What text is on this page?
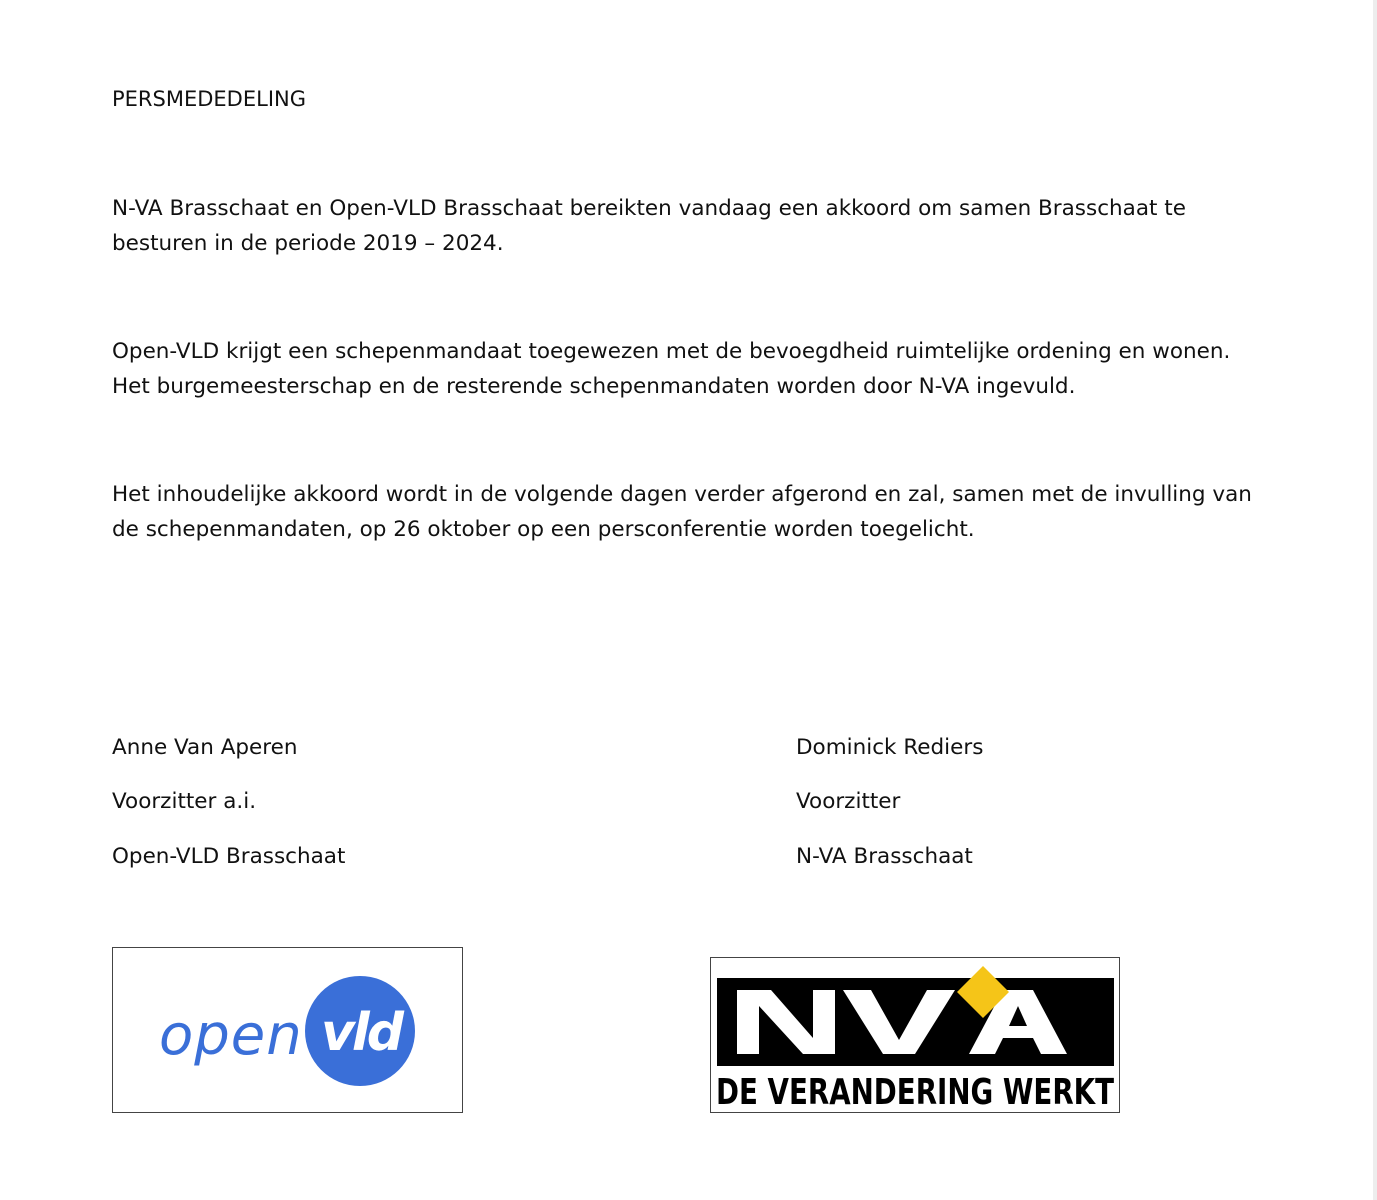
PERSMEDEDELING

N-VA Brasschaat en Open-VLD Brasschaat bereikten vandaag een akkoord om samen Brasschaat te besturen in de periode 2019 – 2024.

Open-VLD krijgt een schepenmandaat toegewezen met de bevoegdheid ruimtelijke ordening en wonen. Het burgemeesterschap en de resterende schepenmandaten worden door N-VA ingevuld.

Het inhoudelijke akkoord wordt in de volgende dagen verder afgerond en zal, samen met de invulling van de schepenmandaten, op 26 oktober op een persconferentie worden toegelicht.

Anne Van Aperen

Voorzitter a.i.

Open-VLD Brasschaat

Dominick Rediers

Voorzitter

N-VA Brasschaat

open vld
DE VERANDERING WERKT
